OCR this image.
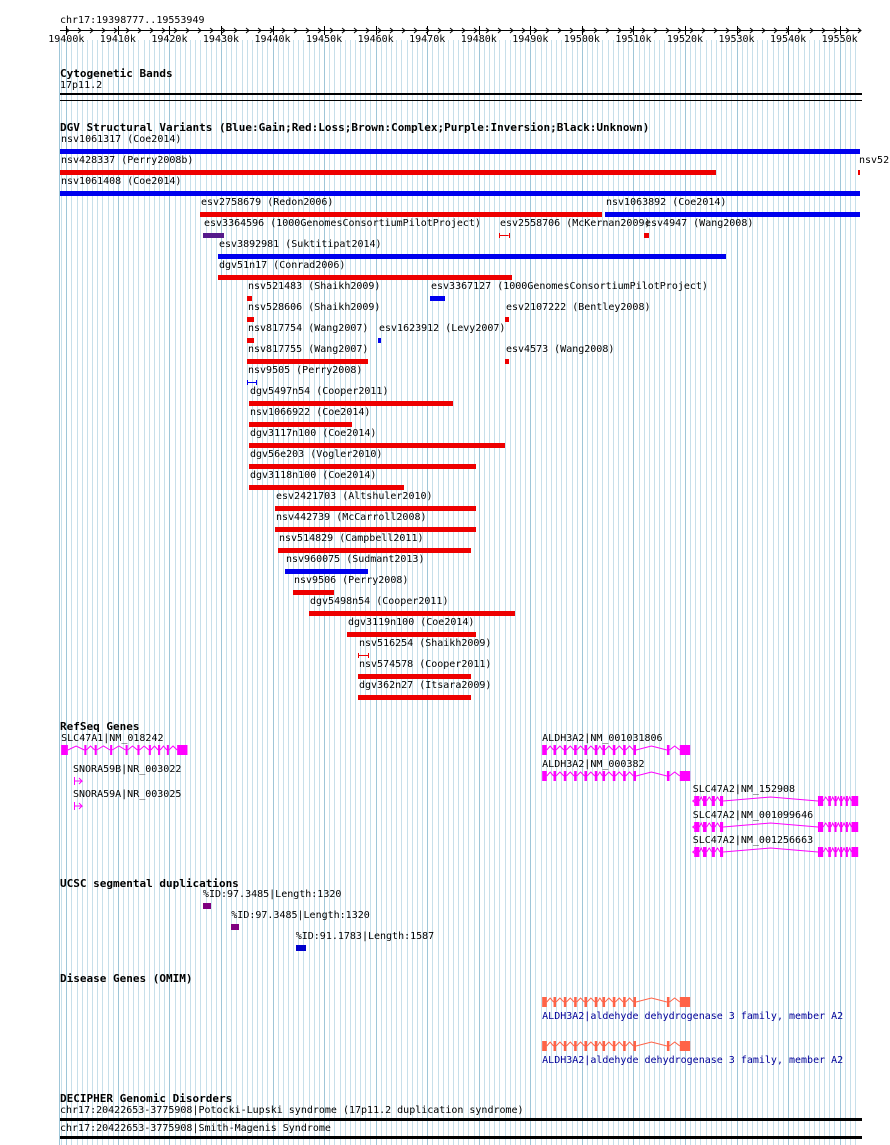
chr17:19398777..19553949
19400k 19410k 19420k 19430k 19440k 19450k 19460k 19470k 19480k 19490k 19500k 19510k 19520k 19530k 19540k 19550k
Cytogenetic Bands
17p11.2
DGV Structural Variants (Blue:Gain;Red:Loss;Brown:Complex;Purple:Inversion;Black:Unknown)
nsv1061317 (Coe2014)
nsv428337 (Perry2008b)	nsv52
nsv1061408 (Coe2014)
esv2758679 (Redon2006)	nsv1063892 (Coe2014)
esv3364596 (1000GenomesConsortiumPilotProject) esv2558706 (McKernan2009)
esv4947 (Wang2008)
esv3892981 (Suktitipat2014)
dgv51n17 (Conrad2006)
nsv521483 (Shaikh2009)	esv3367127 (1000GenomesConsortiumPilotProject)
nsv528606 (Shaikh2009)	esv2107222 (Bentley2008)
nsv817754 (Wang2007) esv1623912 (Levy2007)
nsv817755 (Wang2007)	esv4573 (Wang2008)
nsv9505 (Perry2008)
dgv5497n54 (Cooper2011)
nsv1066922 (Coe2014)
dgv3117n100 (Coe2014)
dgv56e203 (Vogler2010)
dgv3118n100 (Coe2014)
esv2421703 (Altshuler2010)
nsv442739 (McCarroll2008)
nsv514829 (Campbell2011)
nsv960075 (Sudmant2013)
nsv9506 (Perry2008)
dgv5498n54 (Cooper2011)
dgv3119n100 (Coe2014)
nsv516254 (Shaikh2009)
nsv574578 (Cooper2011)
dgv362n27 (Itsara2009)
RefSeq Genes
SLC47A1|NM_018242
SNORA59B|NR_003022
SNORA59A|NR_003025
ALDH3A2|NM_001031806
ALDH3A2|NM_000382
SLC47A2|NM_152908
SLC47A2|NM_001099646
SLC47A2|NM_001256663
UCSC segmental duplications
%ID:97.3485|Length:1320
%ID:97.3485|Length:1320
%ID:91.1783|Length:1587
Disease Genes (OMIM)
ALDH3A2|aldehyde dehydrogenase 3 family, member A2
ALDH3A2|aldehyde dehydrogenase 3 family, member A2
DECIPHER Genomic Disorders
chr17:20422653-3775908|Potocki-Lupski syndrome (17p11.2 duplication syndrome)
chr17:20422653-3775908|Smith-Magenis Syndrome
